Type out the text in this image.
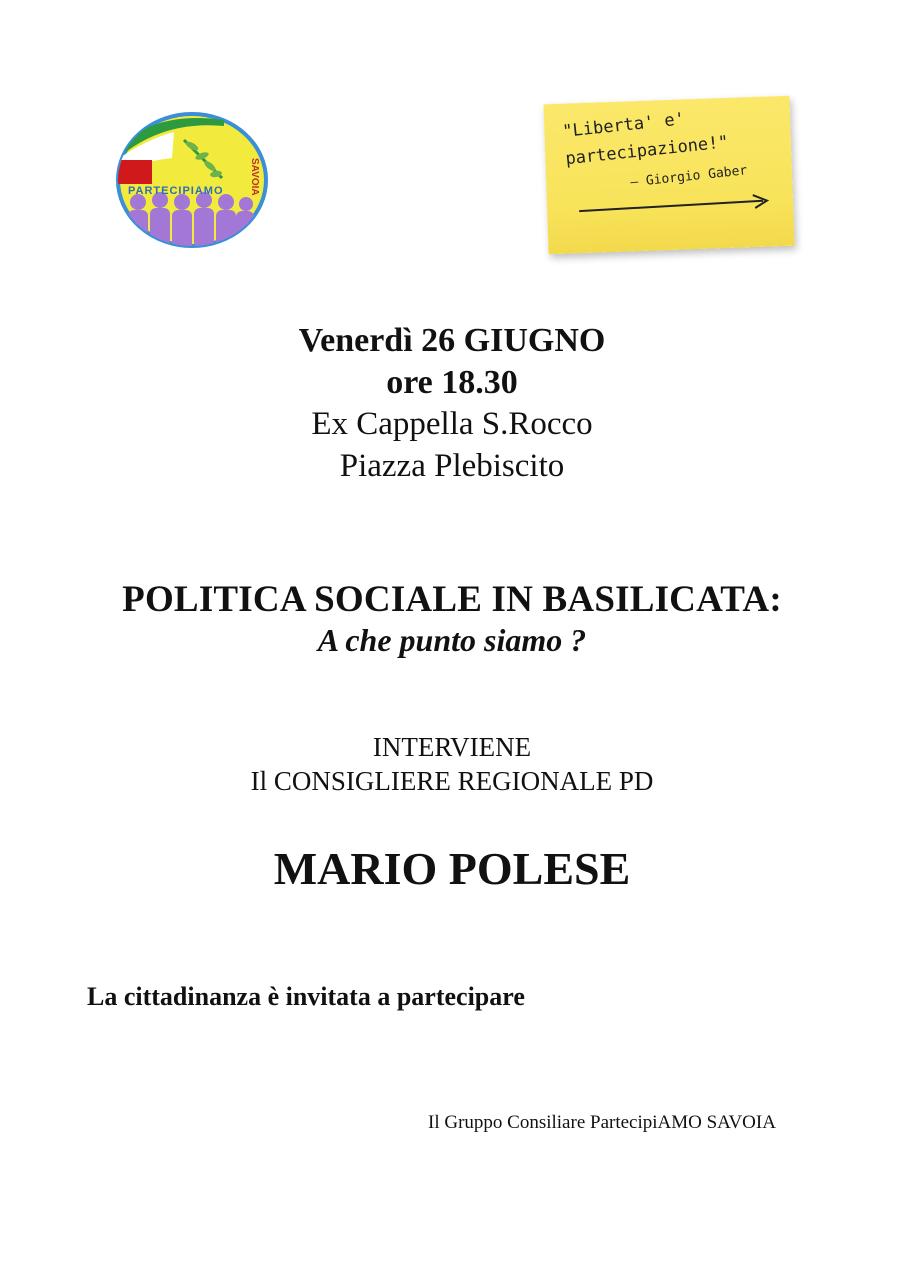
PARTECIPIAMO	SAVOIA
"Liberta' e'
partecipazione!"
– Giorgio Gaber
Venerdì 26 GIUGNO
ore 18.30
Ex Cappella S.Rocco
Piazza Plebiscito
POLITICA SOCIALE IN BASILICATA:
A che punto siamo ?
INTERVIENE
Il CONSIGLIERE REGIONALE PD
MARIO POLESE
La cittadinanza è invitata a partecipare
Il Gruppo Consiliare PartecipiAMO SAVOIA
